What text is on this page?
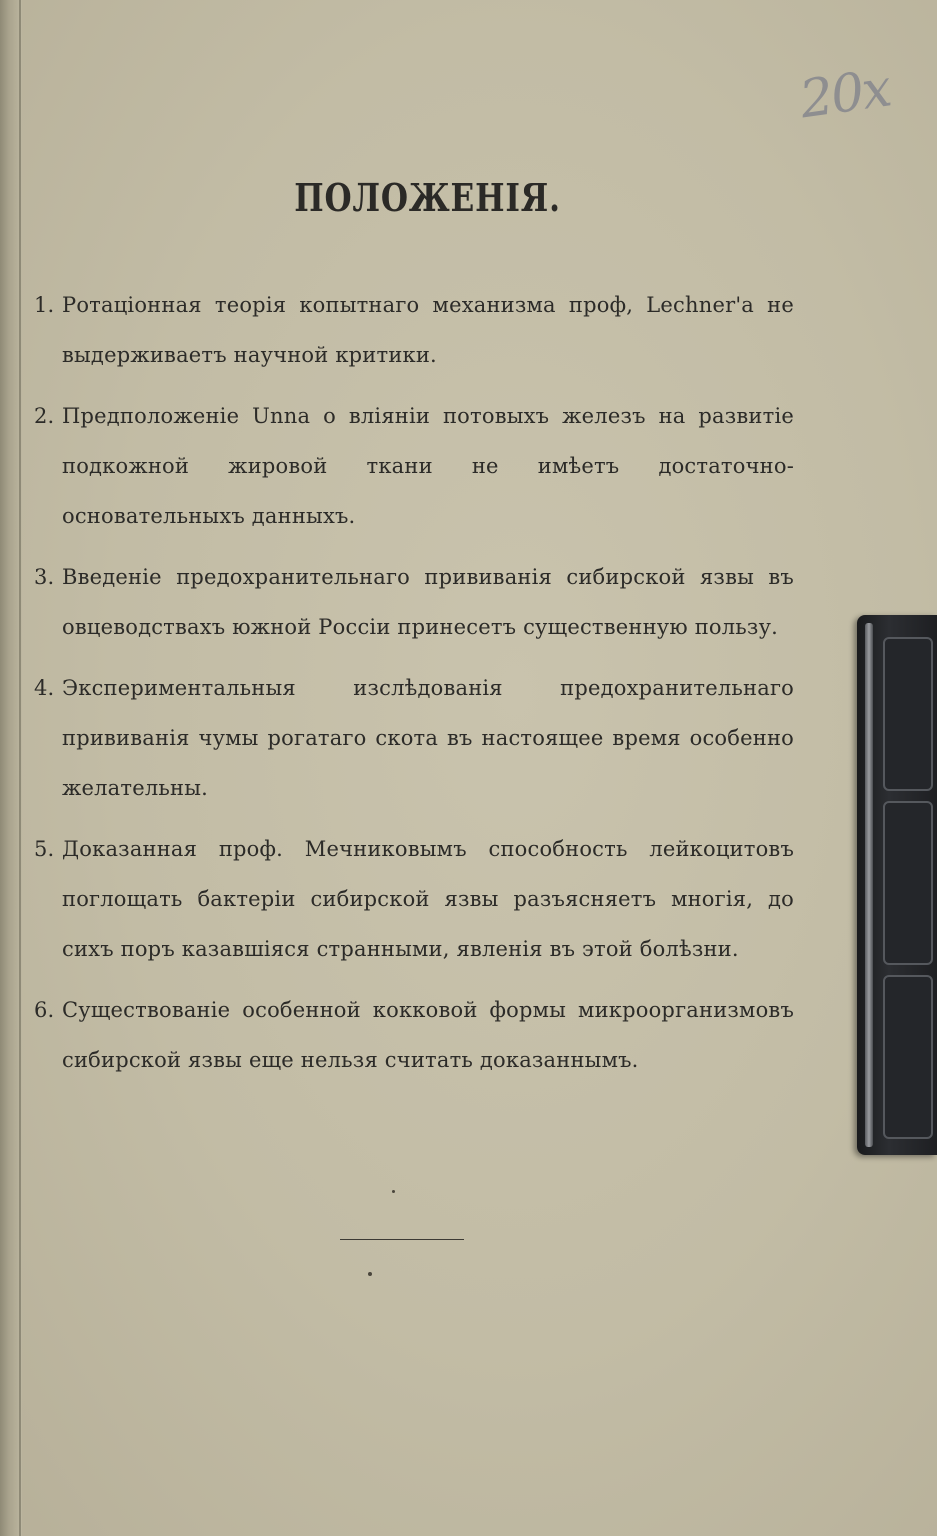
20х
ПОЛОЖЕНІЯ.
1. Ротаціонная теорія копытнаго механизма проф, Lechner'a не выдерживаетъ научной критики.
2. Предположеніе Unna о вліяніи потовыхъ железъ на развитіе подкожной жировой ткани не имѣетъ достаточно-основательныхъ данныхъ.
3. Введеніе предохранительнаго прививанія сибирской язвы въ овцеводствахъ южной Россіи принесетъ существенную пользу.
4. Экспериментальныя изслѣдованія предохранительнаго прививанія чумы рогатаго скота въ настоящее время особенно желательны.
5. Доказанная проф. Мечниковымъ способность лейкоцитовъ поглощать бактеріи сибирской язвы разъясняетъ многія, до сихъ поръ казавшіяся странными, явленія въ этой болѣзни.
6. Существованіе особенной кокковой формы микроорганизмовъ сибирской язвы еще нельзя считать доказаннымъ.
